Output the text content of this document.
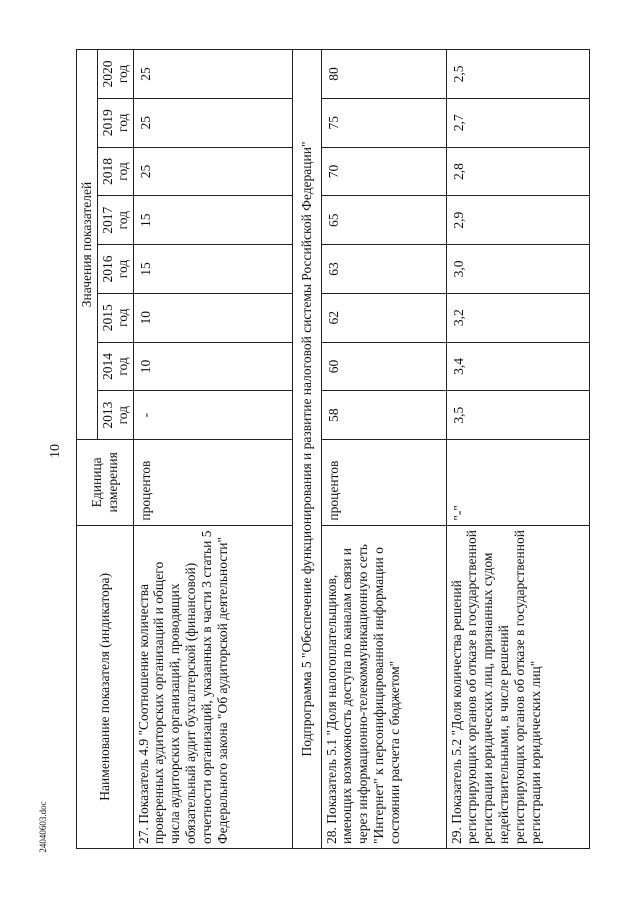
10
24040603.doc
Наименование показателя (индикатора)	Единица измерения	Значения показателей							
		2013 год	2014 год	2015 год	2016 год	2017 год	2018 год	2019 год	2020 год
27. Показатель 4.9 "Соотношение количества проверенных аудиторских организаций и общего числа аудиторских организаций, проводящих обязательный аудит бухгалтерской (финансовой) отчетности организаций, указанных в части 3 статьи 5 Федерального закона "Об аудиторской деятельности"	процентов	-	10	10	15	15	25	25	25
Подпрограмма 5 "Обеспечение функционирования и развитие налоговой системы Российской Федерации"									
28. Показатель 5.1 "Доля налогоплательщиков, имеющих возможность доступа по каналам связи и через информационно-телекоммуникационную сеть "Интернет" к персонифицированной информации о состоянии расчета с бюджетом"	процентов	58	60	62	63	65	70	75	80
29. Показатель 5.2 "Доля количества решений регистрирующих органов об отказе в государственной регистрации юридических лиц, признанных судом недействительными, в числе решений регистрирующих органов об отказе в государственной регистрации юридических лиц"	"-"	3,5	3,4	3,2	3,0	2,9	2,8	2,7	2,5
